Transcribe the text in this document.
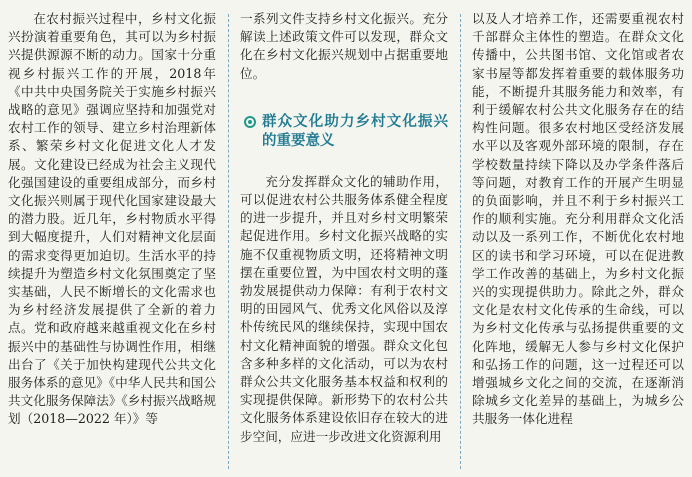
在农村振兴过程中，乡村文化振兴扮演着重要角色，其可以为乡村振兴提供源源不断的动力。国家十分重视乡村振兴工作的开展，2018年《中共中央国务院关于实施乡村振兴战略的意见》强调应坚持和加强党对农村工作的领导、建立乡村治理新体系、繁荣乡村文化促进文化人才发展。文化建设已经成为社会主义现代化强国建设的重要组成部分，而乡村文化振兴则属于现代化国家建设最大的潜力股。近几年，乡村物质水平得到大幅度提升，人们对精神文化层面的需求变得更加迫切。生活水平的持续提升为塑造乡村文化氛围奠定了坚实基础，人民不断增长的文化需求也为乡村经济发展提供了全新的着力点。党和政府越来越重视文化在乡村振兴中的基础性与协调性作用，相继出台了《关于加快构建现代公共文化服务体系的意见》《中华人民共和国公共文化服务保障法》《乡村振兴战略规划（2018—2022 年）》等

一系列文件支持乡村文化振兴。充分解读上述政策文件可以发现，群众文化在乡村文化振兴规划中占据重要地位。

群众文化助力乡村文化振兴的重要意义

充分发挥群众文化的辅助作用，可以促进农村公共服务体系健全程度的进一步提升，并且对乡村文明繁荣起促进作用。乡村文化振兴战略的实施不仅重视物质文明，还将精神文明摆在重要位置，为中国农村文明的蓬勃发展提供动力保障：有利于农村文明的田园风气、优秀文化风俗以及淳朴传统民风的继续保持，实现中国农村文化精神面貌的增强。群众文化包含多种多样的文化活动，可以为农村群众公共文化服务基本权益和权利的实现提供保障。新形势下的农村公共文化服务体系建设依旧存在较大的进步空间，应进一步改进文化资源利用

以及人才培养工作，还需要重视农村千部群众主体性的塑造。在群众文化传播中，公共图书馆、文化馆或者农家书屋等都发挥着重要的载体服务功能，不断提升其服务能力和效率，有利于缓解农村公共文化服务存在的结构性问题。很多农村地区受经济发展水平以及客观外部环境的限制，存在学校数量持续下降以及办学条件落后等问题，对教育工作的开展产生明显的负面影响，并且不利于乡村振兴工作的顺利实施。充分利用群众文化活动以及一系列工作，不断优化农村地区的读书和学习环境，可以在促进教学工作改善的基础上，为乡村文化振兴的实现提供助力。除此之外，群众文化是农村文化传承的生命线，可以为乡村文化传承与弘扬提供重要的文化阵地，缓解无人参与乡村文化保护和弘扬工作的问题，这一过程还可以增强城乡文化之间的交流，在逐渐消除城乡文化差异的基础上，为城乡公共服务一体化进程
